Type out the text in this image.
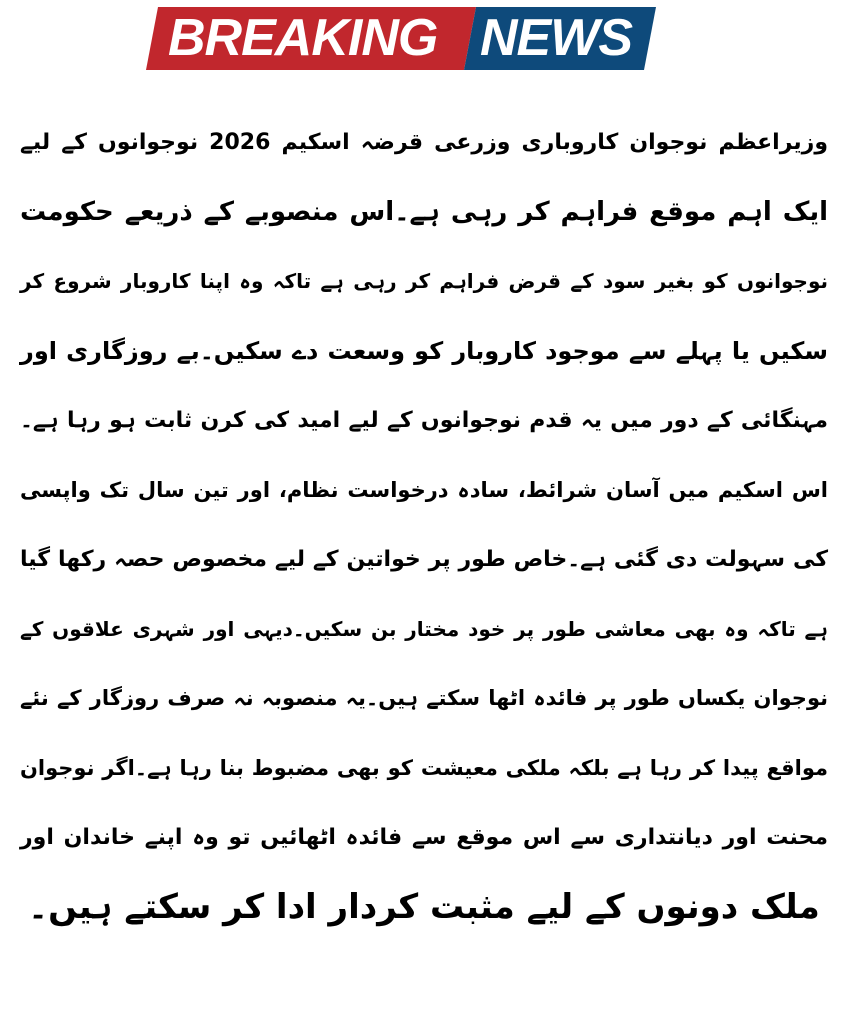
BREAKING NEWS
وزیراعظم نوجوان کاروباری وزرعی قرضہ اسکیم 2026 نوجوانوں کے لیے
ایک اہم موقع فراہم کر رہی ہے۔اس منصوبے کے ذریعے حکومت
نوجوانوں کو بغیر سود کے قرض فراہم کر رہی ہے تاکہ وہ اپنا کاروبار شروع کر
سکیں یا پہلے سے موجود کاروبار کو وسعت دے سکیں۔بے روزگاری اور
مہنگائی کے دور میں یہ قدم نوجوانوں کے لیے امید کی کرن ثابت ہو رہا ہے۔
اس اسکیم میں آسان شرائط، سادہ درخواست نظام، اور تین سال تک واپسی
کی سہولت دی گئی ہے۔خاص طور پر خواتین کے لیے مخصوص حصہ رکھا گیا
ہے تاکہ وہ بھی معاشی طور پر خود مختار بن سکیں۔دیہی اور شہری علاقوں کے
نوجوان یکساں طور پر فائدہ اٹھا سکتے ہیں۔یہ منصوبہ نہ صرف روزگار کے نئے
مواقع پیدا کر رہا ہے بلکہ ملکی معیشت کو بھی مضبوط بنا رہا ہے۔اگر نوجوان
محنت اور دیانتداری سے اس موقع سے فائدہ اٹھائیں تو وہ اپنے خاندان اور
ملک دونوں کے لیے مثبت کردار ادا کر سکتے ہیں۔
